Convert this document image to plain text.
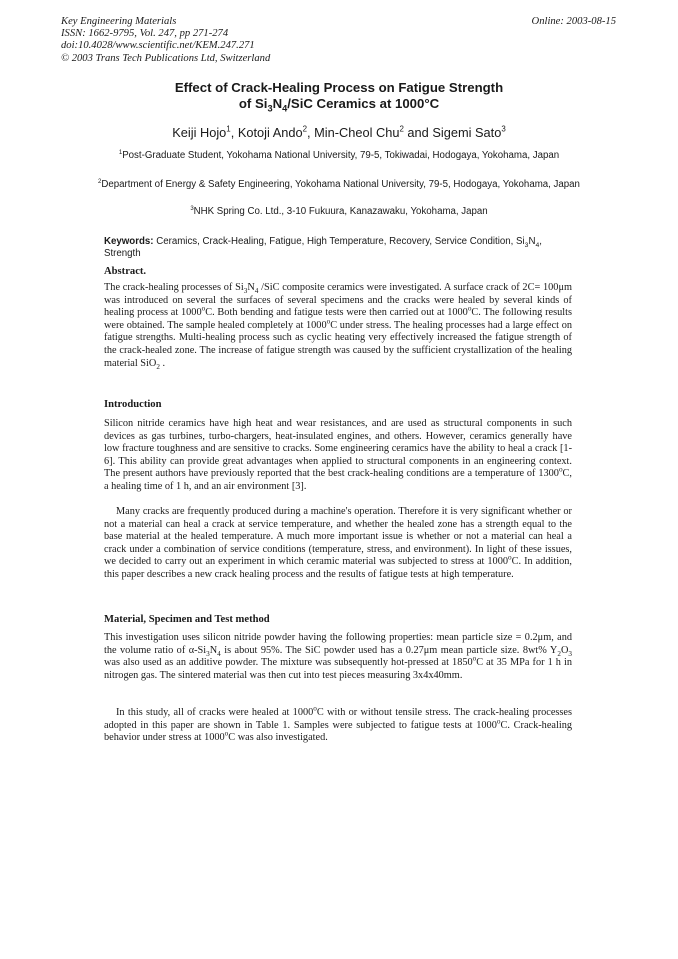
Key Engineering Materials
ISSN: 1662-9795, Vol. 247, pp 271-274
doi:10.4028/www.scientific.net/KEM.247.271
© 2003 Trans Tech Publications Ltd, Switzerland
Online: 2003-08-15
Effect of Crack-Healing Process on Fatigue Strength
of $Si_3N_4$/SiC Ceramics at 1000°C
Keiji Hojo$^1$, Kotoji Ando$^2$, Min-Cheol Chu$^2$ and Sigemi Sato$^3$
$^1$Post-Graduate Student, Yokohama National University, 79-5, Tokiwadai, Hodogaya, Yokohama, Japan
$^2$Department of Energy & Safety Engineering, Yokohama National University, 79-5, Hodogaya, Yokohama, Japan
$^3$NHK Spring Co. Ltd., 3-10 Fukuura, Kanazawaku, Yokohama, Japan
Keywords: Ceramics, Crack-Healing, Fatigue, High Temperature, Recovery, Service Condition, $Si_3N_4$, Strength
Abstract.
The crack-healing processes of $Si_3N_4$ /SiC composite ceramics were investigated. A surface crack of 2C= 100μm was introduced on several the surfaces of several specimens and the cracks were healed by several kinds of healing process at 1000$^o$C. Both bending and fatigue tests were then carried out at 1000$^o$C. The following results were obtained. The sample healed completely at 1000$^o$C under stress. The healing processes had a large effect on fatigue strengths. Multi-healing process such as cyclic heating very effectively increased the fatigue strength of the crack-healed zone. The increase of fatigue strength was caused by the sufficient crystallization of the healing material SiO$_2$ .
Introduction
Silicon nitride ceramics have high heat and wear resistances, and are used as structural components in such devices as gas turbines, turbo-chargers, heat-insulated engines, and others. However, ceramics generally have low fracture toughness and are sensitive to cracks. Some engineering ceramics have the ability to heal a crack [1-6]. This ability can provide great advantages when applied to structural components in an engineering context. The present authors have previously reported that the best crack-healing conditions are a temperature of 1300$^o$C, a healing time of 1 h, and an air environment [3].
Many cracks are frequently produced during a machine's operation. Therefore it is very significant whether or not a material can heal a crack at service temperature, and whether the healed zone has a strength equal to the base material at the healed temperature. A much more important issue is whether or not a material can heal a crack under a combination of service conditions (temperature, stress, and environment). In light of these issues, we decided to carry out an experiment in which ceramic material was subjected to stress at 1000$^o$C. In addition, this paper describes a new crack healing process and the results of fatigue tests at high temperature.
Material, Specimen and Test method
This investigation uses silicon nitride powder having the following properties: mean particle size = 0.2μm, and the volume ratio of $\alpha-Si_3N_4$ is about 95%. The SiC powder used has a 0.27μm mean particle size. 8wt% $Y_2O_3$ was also used as an additive powder. The mixture was subsequently hot-pressed at 1850$^o$C at 35 MPa for 1 h in nitrogen gas. The sintered material was then cut into test pieces measuring 3x4x40mm.
In this study, all of cracks were healed at 1000$^o$C with or without tensile stress. The crack-healing processes adopted in this paper are shown in Table 1. Samples were subjected to fatigue tests at 1000$^o$C. Crack-healing behavior under stress at 1000$^o$C was also investigated.
